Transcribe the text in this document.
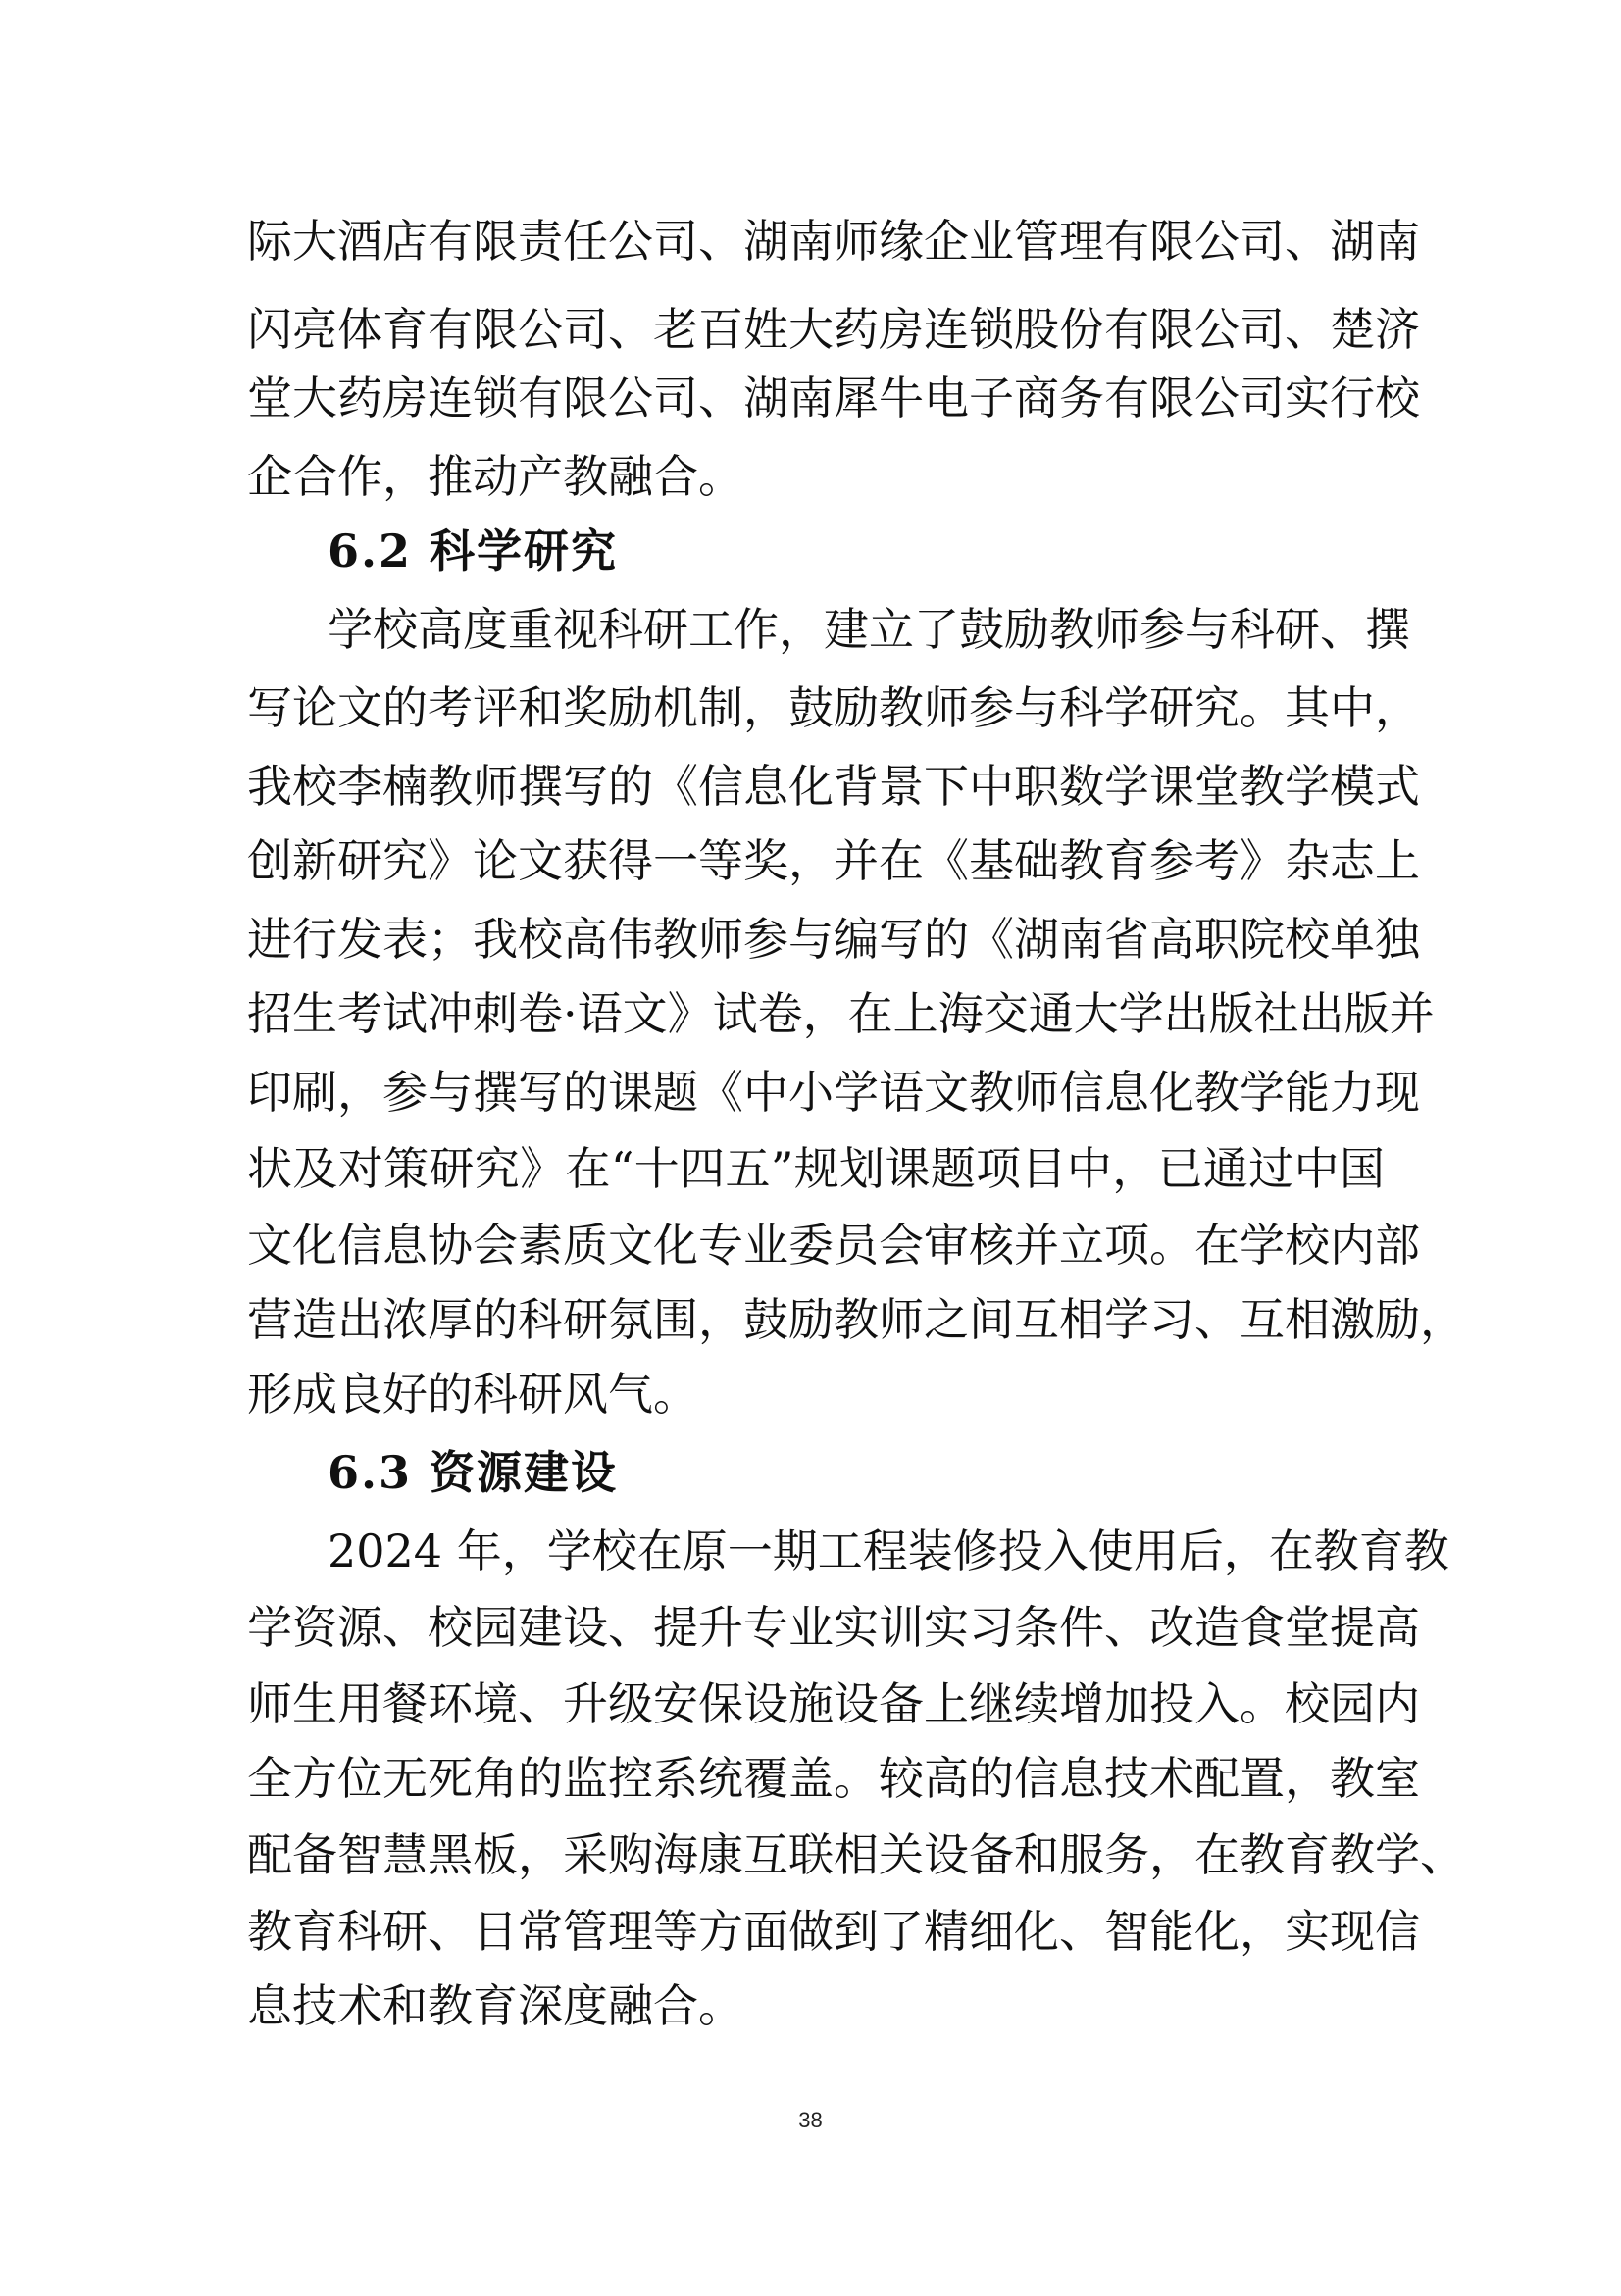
际大酒店有限责任公司、湖南师缘企业管理有限公司、湖南
闪亮体育有限公司、老百姓大药房连锁股份有限公司、楚济
堂大药房连锁有限公司、湖南犀牛电子商务有限公司实行校
企合作，推动产教融合。
6.2 科学研究
学校高度重视科研工作，建立了鼓励教师参与科研、撰
写论文的考评和奖励机制，鼓励教师参与科学研究。其中，
我校李楠教师撰写的《信息化背景下中职数学课堂教学模式
创新研究》论文获得一等奖，并在《基础教育参考》杂志上
进行发表；我校高伟教师参与编写的《湖南省高职院校单独
招生考试冲刺卷·语文》试卷，在上海交通大学出版社出版并
印刷，参与撰写的课题《中小学语文教师信息化教学能力现
状及对策研究》在“十四五”规划课题项目中，已通过中国
文化信息协会素质文化专业委员会审核并立项。在学校内部
营造出浓厚的科研氛围，鼓励教师之间互相学习、互相激励，
形成良好的科研风气。
6.3 资源建设
2024 年，学校在原一期工程装修投入使用后，在教育教
学资源、校园建设、提升专业实训实习条件、改造食堂提高
师生用餐环境、升级安保设施设备上继续增加投入。校园内
全方位无死角的监控系统覆盖。较高的信息技术配置，教室
配备智慧黑板，采购海康互联相关设备和服务，在教育教学、
教育科研、日常管理等方面做到了精细化、智能化，实现信
息技术和教育深度融合。
38
